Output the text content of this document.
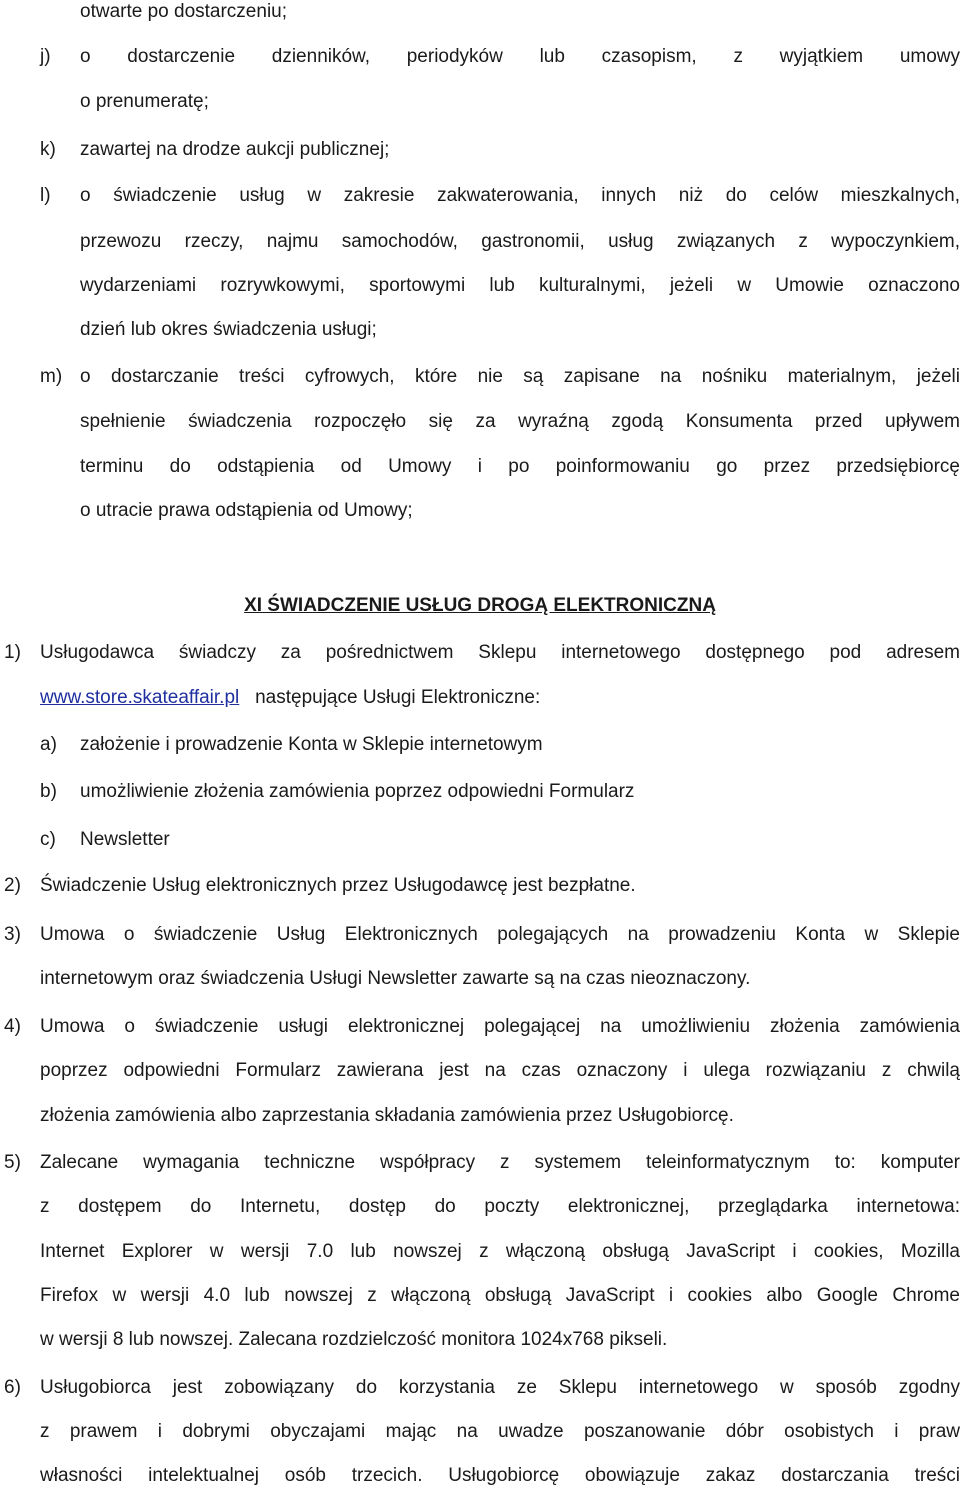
otwarte po dostarczeniu;
j) o dostarczenie dzienników, periodyków lub czasopism, z wyjątkiem umowy
o prenumeratę;
k) zawartej na drodze aukcji publicznej;
l) o świadczenie usług w zakresie zakwaterowania, innych niż do celów mieszkalnych,
przewozu rzeczy, najmu samochodów, gastronomii, usług związanych z wypoczynkiem,
wydarzeniami rozrywkowymi, sportowymi lub kulturalnymi, jeżeli w Umowie oznaczono
dzień lub okres świadczenia usługi;
m) o dostarczanie treści cyfrowych, które nie są zapisane na nośniku materialnym, jeżeli
spełnienie świadczenia rozpoczęło się za wyraźną zgodą Konsumenta przed upływem
terminu do odstąpienia od Umowy i po poinformowaniu go przez przedsiębiorcę
o utracie prawa odstąpienia od Umowy;
XI ŚWIADCZENIE USŁUG DROGĄ ELEKTRONICZNĄ
1) Usługodawca świadczy za pośrednictwem Sklepu internetowego dostępnego pod adresem
www.store.skateaffair.pl następujące Usługi Elektroniczne:
a) założenie i prowadzenie Konta w Sklepie internetowym
b) umożliwienie złożenia zamówienia poprzez odpowiedni Formularz
c) Newsletter
2) Świadczenie Usług elektronicznych przez Usługodawcę jest bezpłatne.
3) Umowa o świadczenie Usług Elektronicznych polegających na prowadzeniu Konta w Sklepie
internetowym oraz świadczenia Usługi Newsletter zawarte są na czas nieoznaczony.
4) Umowa o świadczenie usługi elektronicznej polegającej na umożliwieniu złożenia zamówienia
poprzez odpowiedni Formularz zawierana jest na czas oznaczony i ulega rozwiązaniu z chwilą
złożenia zamówienia albo zaprzestania składania zamówienia przez Usługobiorcę.
5) Zalecane wymagania techniczne współpracy z systemem teleinformatycznym to: komputer
z dostępem do Internetu, dostęp do poczty elektronicznej, przeglądarka internetowa:
Internet Explorer w wersji 7.0 lub nowszej z włączoną obsługą JavaScript i cookies, Mozilla
Firefox w wersji 4.0 lub nowszej z włączoną obsługą JavaScript i cookies albo Google Chrome
w wersji 8 lub nowszej. Zalecana rozdzielczość monitora 1024x768 pikseli.
6) Usługobiorca jest zobowiązany do korzystania ze Sklepu internetowego w sposób zgodny
z prawem i dobrymi obyczajami mając na uwadze poszanowanie dóbr osobistych i praw
własności intelektualnej osób trzecich. Usługobiorcę obowiązuje zakaz dostarczania treści
